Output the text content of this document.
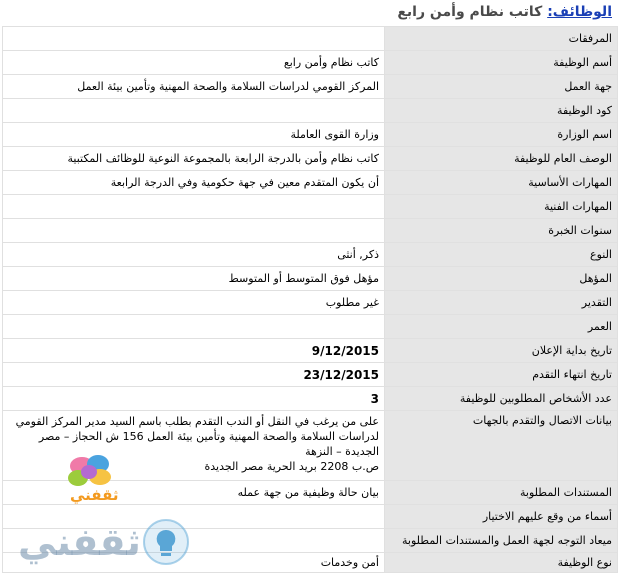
الوظائف: كاتب نظام وأمن رابع
المرفقات	
أسم الوظيفة	كاتب نظام وأمن رابع
جهة العمل	المركز القومي لدراسات السلامة والصحة المهنية وتأمين بيئة العمل
كود الوظيفة	
اسم الوزارة	وزارة القوى العاملة
الوصف العام للوظيفة	كاتب نظام وأمن بالدرجة الرابعة بالمجموعة النوعية للوظائف المكتبية
المهارات الأساسية	أن يكون المتقدم معين في جهة حكومية وفي الدرجة الرابعة
المهارات الفنية	
سنوات الخبرة	
النوع	ذكر, أنثى
المؤهل	مؤهل فوق المتوسط أو المتوسط
التقدير	غير مطلوب
العمر	
تاريخ بداية الإعلان	9/12/2015
تاريخ انتهاء التقدم	23/12/2015
عدد الأشخاص المطلوبين للوظيفة	3
بيانات الاتصال والتقدم بالجهات	على من يرغب في النقل أو الندب التقدم بطلب باسم السيد مدير المركز القومي لدراسات السلامة والصحة المهنية وتأمين بيئة العمل 156 ش الحجاز – مصر الجديدة – النزهة
ص.ب 2208 بريد الحرية مصر الجديدة
المستندات المطلوبة	بيان حالة وظيفية من جهة عمله
أسماء من وقع عليهم الاختيار	
ميعاد التوجه لجهة العمل والمستندات المطلوبة	
نوع الوظيفة	أمن وخدمات
ثقفني
ثقفني
